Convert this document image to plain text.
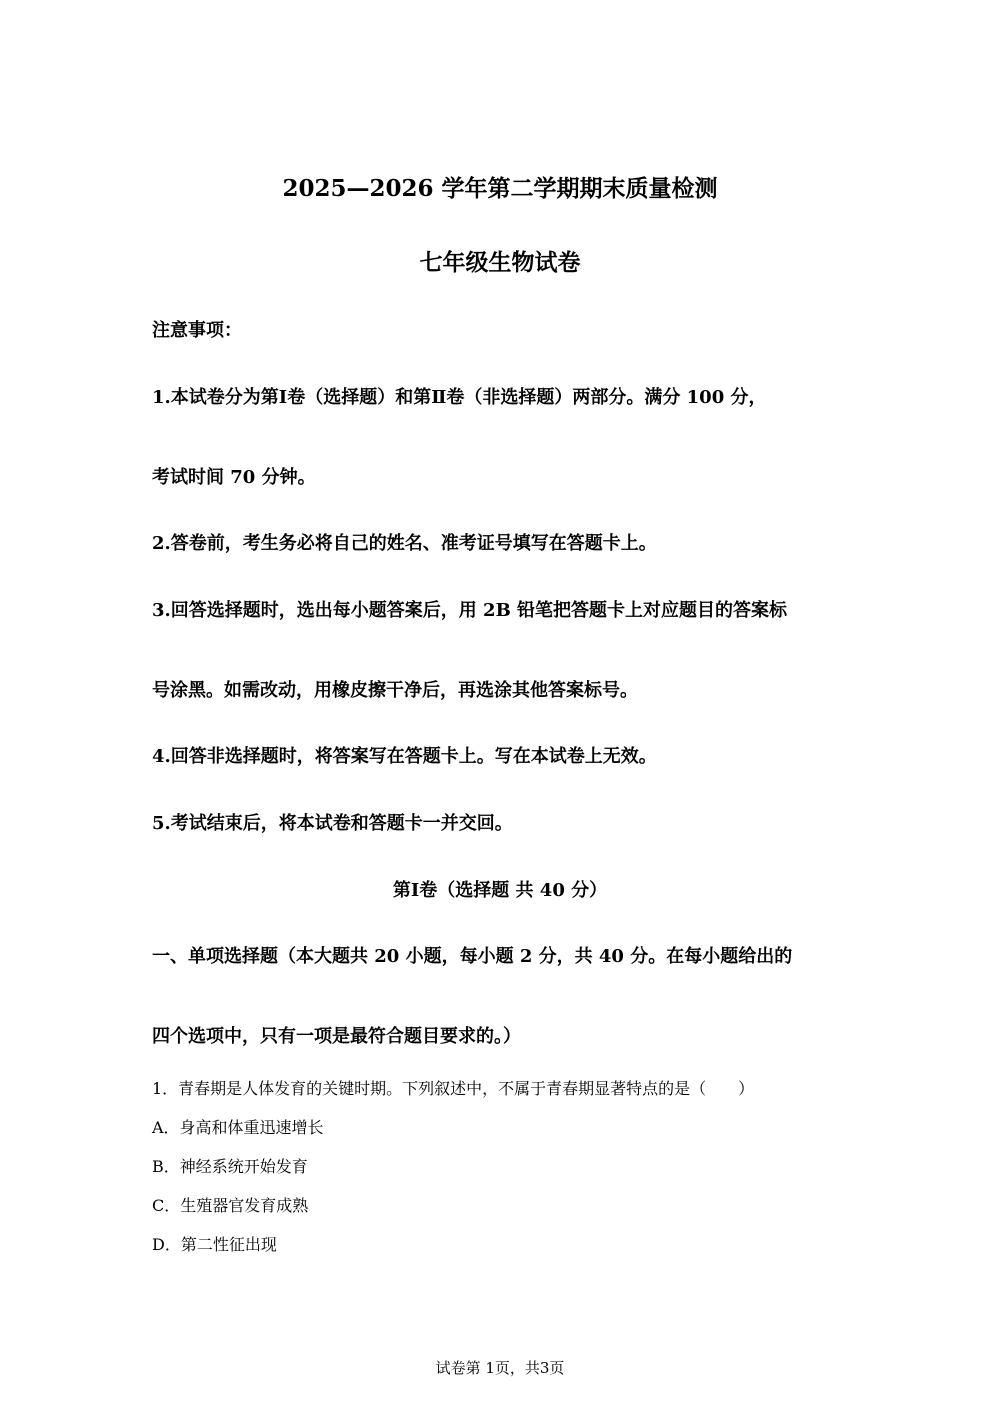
2025—2026 学年第二学期期末质量检测
七年级生物试卷
注意事项：
1.本试卷分为第Ⅰ卷（选择题）和第Ⅱ卷（非选择题）两部分。满分 100 分，
考试时间 70 分钟。
2.答卷前，考生务必将自己的姓名、准考证号填写在答题卡上。
3.回答选择题时，选出每小题答案后，用 2B 铅笔把答题卡上对应题目的答案标
号涂黑。如需改动，用橡皮擦干净后，再选涂其他答案标号。
4.回答非选择题时，将答案写在答题卡上。写在本试卷上无效。
5.考试结束后，将本试卷和答题卡一并交回。
第Ⅰ卷（选择题 共 40 分）
一、单项选择题（本大题共 20 小题，每小题 2 分，共 40 分。在每小题给出的
四个选项中，只有一项是最符合题目要求的。）
1．青春期是人体发育的关键时期。下列叙述中，不属于青春期显著特点的是（　　）
A．身高和体重迅速增长
B．神经系统开始发育
C．生殖器官发育成熟
D．第二性征出现
试卷第 1页，共3页
